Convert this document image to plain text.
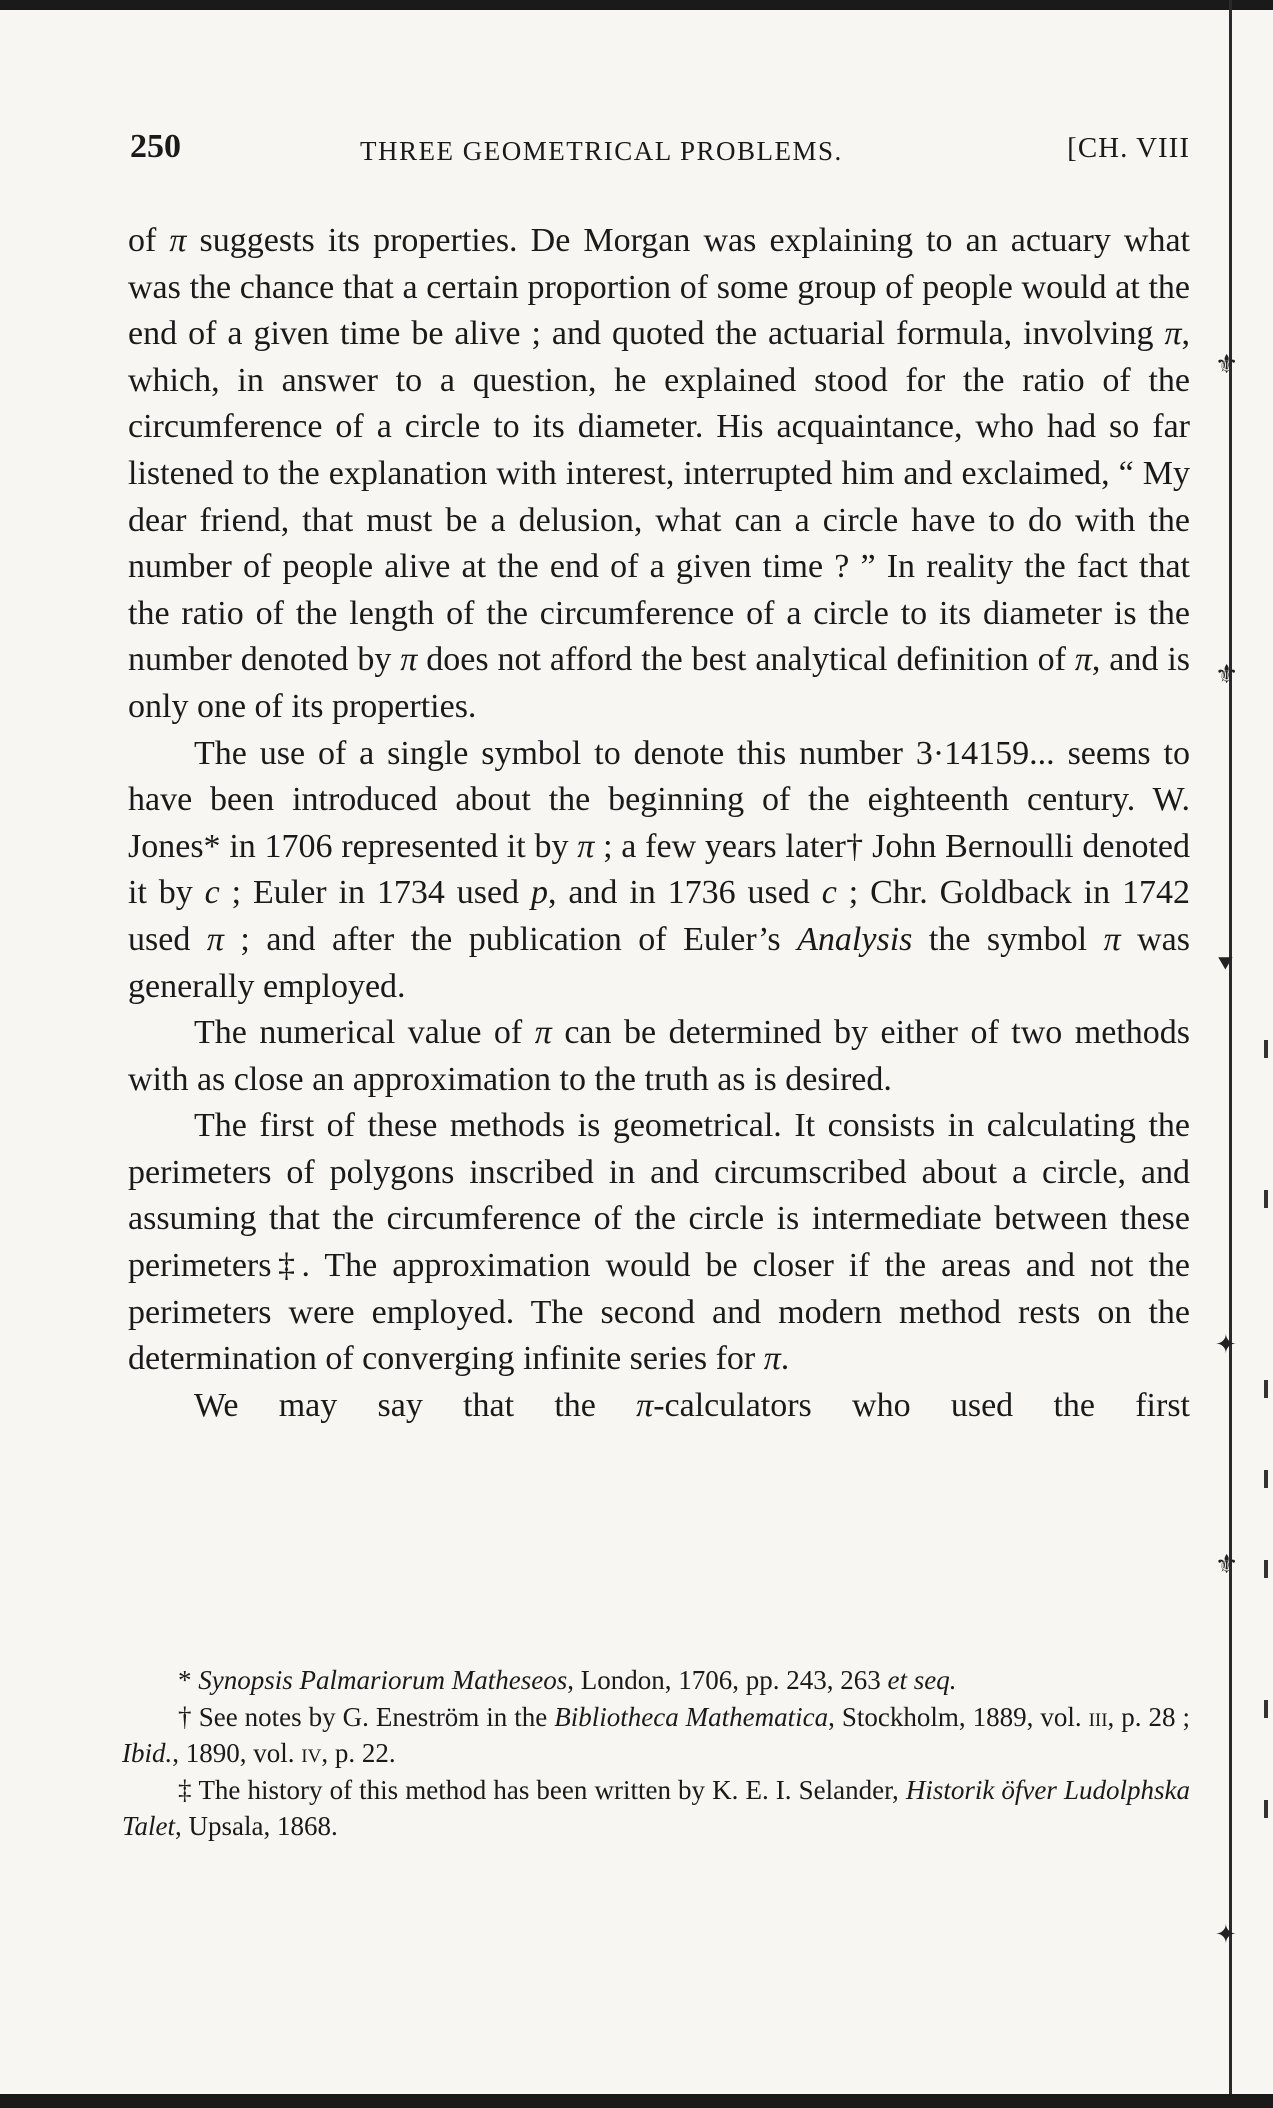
⚜
⚜
⯆
✦
⚜
✦
250	THREE GEOMETRICAL PROBLEMS.	[CH. VIII

of π suggests its properties. De Morgan was explaining to an actuary what was the chance that a certain proportion of some group of people would at the end of a given time be alive ; and quoted the actuarial formula, involving π, which, in answer to a question, he explained stood for the ratio of the circumference of a circle to its diameter. His acquaintance, who had so far listened to the explanation with interest, interrupted him and exclaimed, “ My dear friend, that must be a delusion, what can a circle have to do with the number of people alive at the end of a given time ? ” In reality the fact that the ratio of the length of the circumference of a circle to its diameter is the number denoted by π does not afford the best analytical definition of π, and is only one of its properties.

The use of a single symbol to denote this number 3·14159... seems to have been introduced about the beginning of the eighteenth century. W. Jones* in 1706 represented it by π ; a few years later† John Bernoulli denoted it by c ; Euler in 1734 used p, and in 1736 used c ; Chr. Goldback in 1742 used π ; and after the publication of Euler’s Analysis the symbol π was generally employed.

The numerical value of π can be determined by either of two methods with as close an approximation to the truth as is desired.

The first of these methods is geometrical. It consists in calculating the perimeters of polygons inscribed in and circumscribed about a circle, and assuming that the circumference of the circle is intermediate between these perimeters‡. The approximation would be closer if the areas and not the perimeters were employed. The second and modern method rests on the determination of converging infinite series for π.

We may say that the π-calculators who used the first

* Synopsis Palmariorum Matheseos, London, 1706, pp. 243, 263 et seq.

† See notes by G. Eneström in the Bibliotheca Mathematica, Stockholm, 1889, vol. iii, p. 28 ; Ibid., 1890, vol. iv, p. 22.

‡ The history of this method has been written by K. E. I. Selander, Historik öfver Ludolphska Talet, Upsala, 1868.
